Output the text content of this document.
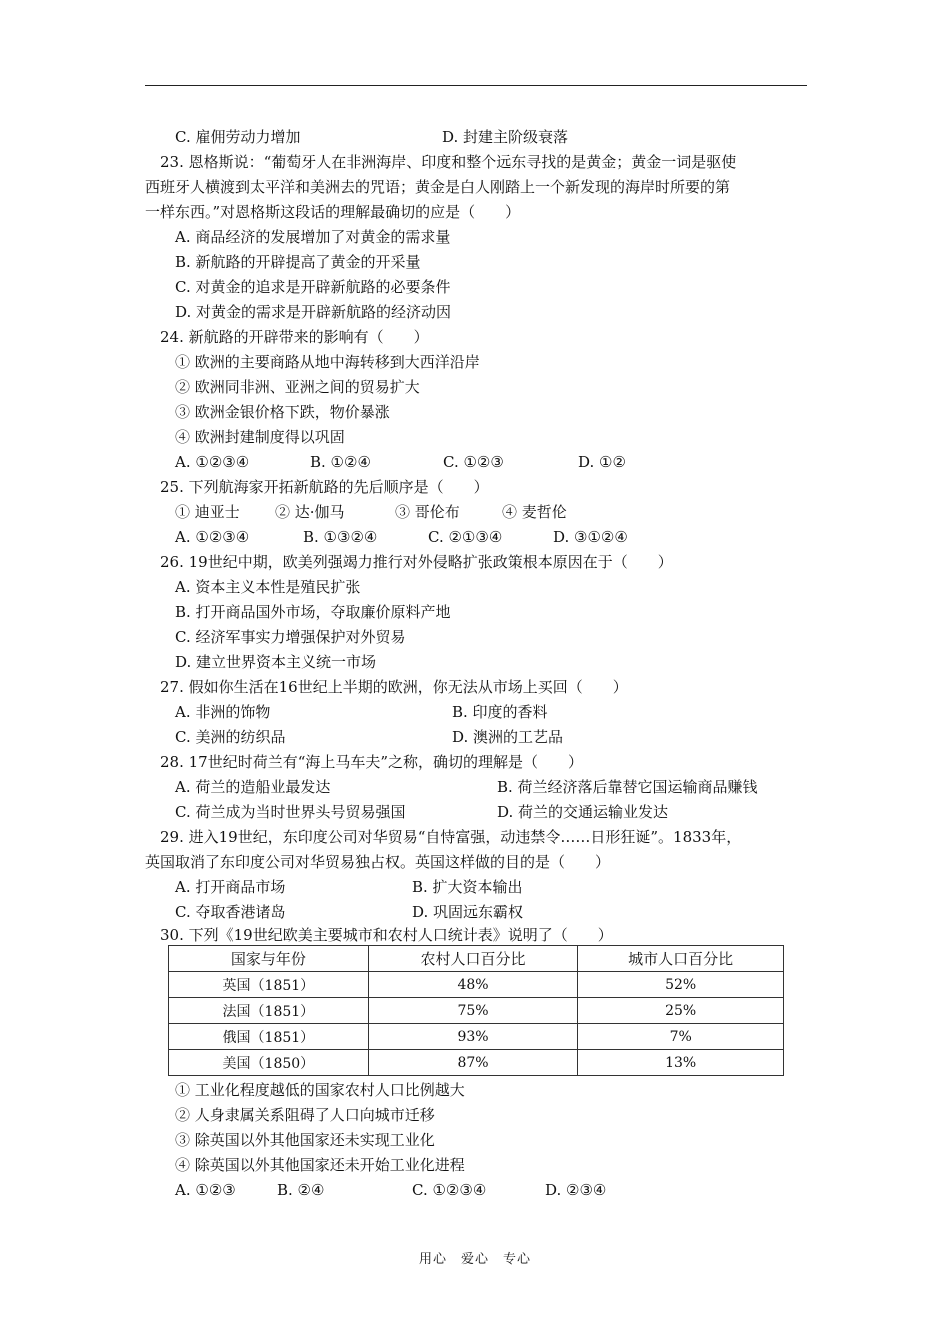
C. 雇佣劳动力增加	D. 封建主阶级衰落
23. 恩格斯说：“葡萄牙人在非洲海岸、印度和整个远东寻找的是黄金；黄金一词是驱使
西班牙人横渡到太平洋和美洲去的咒语；黄金是白人刚踏上一个新发现的海岸时所要的第
一样东西。”对恩格斯这段话的理解最确切的应是（　　）
A. 商品经济的发展增加了对黄金的需求量
B. 新航路的开辟提高了黄金的开采量
C. 对黄金的追求是开辟新航路的必要条件
D. 对黄金的需求是开辟新航路的经济动因
24. 新航路的开辟带来的影响有（　　）
① 欧洲的主要商路从地中海转移到大西洋沿岸
② 欧洲同非洲、亚洲之间的贸易扩大
③ 欧洲金银价格下跌，物价暴涨
④ 欧洲封建制度得以巩固
A. ①②③④	B. ①②④	C. ①②③	D. ①②
25. 下列航海家开拓新航路的先后顺序是（　　）
① 迪亚士 ② 达·伽马	③ 哥伦布	④ 麦哲伦
A. ①②③④	B. ①③②④	C. ②①③④	D. ③①②④
26. 19世纪中期，欧美列强竭力推行对外侵略扩张政策根本原因在于（　　）
A. 资本主义本性是殖民扩张
B. 打开商品国外市场，夺取廉价原料产地
C. 经济军事实力增强保护对外贸易
D. 建立世界资本主义统一市场
27. 假如你生活在16世纪上半期的欧洲，你无法从市场上买回（　　）
A. 非洲的饰物	B. 印度的香料
C. 美洲的纺织品	D. 澳洲的工艺品
28. 17世纪时荷兰有“海上马车夫”之称，确切的理解是（　　）
A. 荷兰的造船业最发达	B. 荷兰经济落后靠替它国运输商品赚钱
C. 荷兰成为当时世界头号贸易强国	D. 荷兰的交通运输业发达
29. 进入19世纪，东印度公司对华贸易“自恃富强，动违禁令……日形狂诞”。1833年，
英国取消了东印度公司对华贸易独占权。英国这样做的目的是（　　）
A. 打开商品市场	B. 扩大资本输出
C. 夺取香港诸岛	D. 巩固远东霸权
30. 下列《19世纪欧美主要城市和农村人口统计表》说明了（　　）
国家与年份	农村人口百分比	城市人口百分比
英国（1851）	48%	52%
法国（1851）	75%	25%
俄国（1851）	93%	7%
美国（1850）	87%	13%
① 工业化程度越低的国家农村人口比例越大
② 人身隶属关系阻碍了人口向城市迁移
③ 除英国以外其他国家还未实现工业化
④ 除英国以外其他国家还未开始工业化进程
A. ①②③	B. ②④	C. ①②③④	D. ②③④
用心　爱心　专心
